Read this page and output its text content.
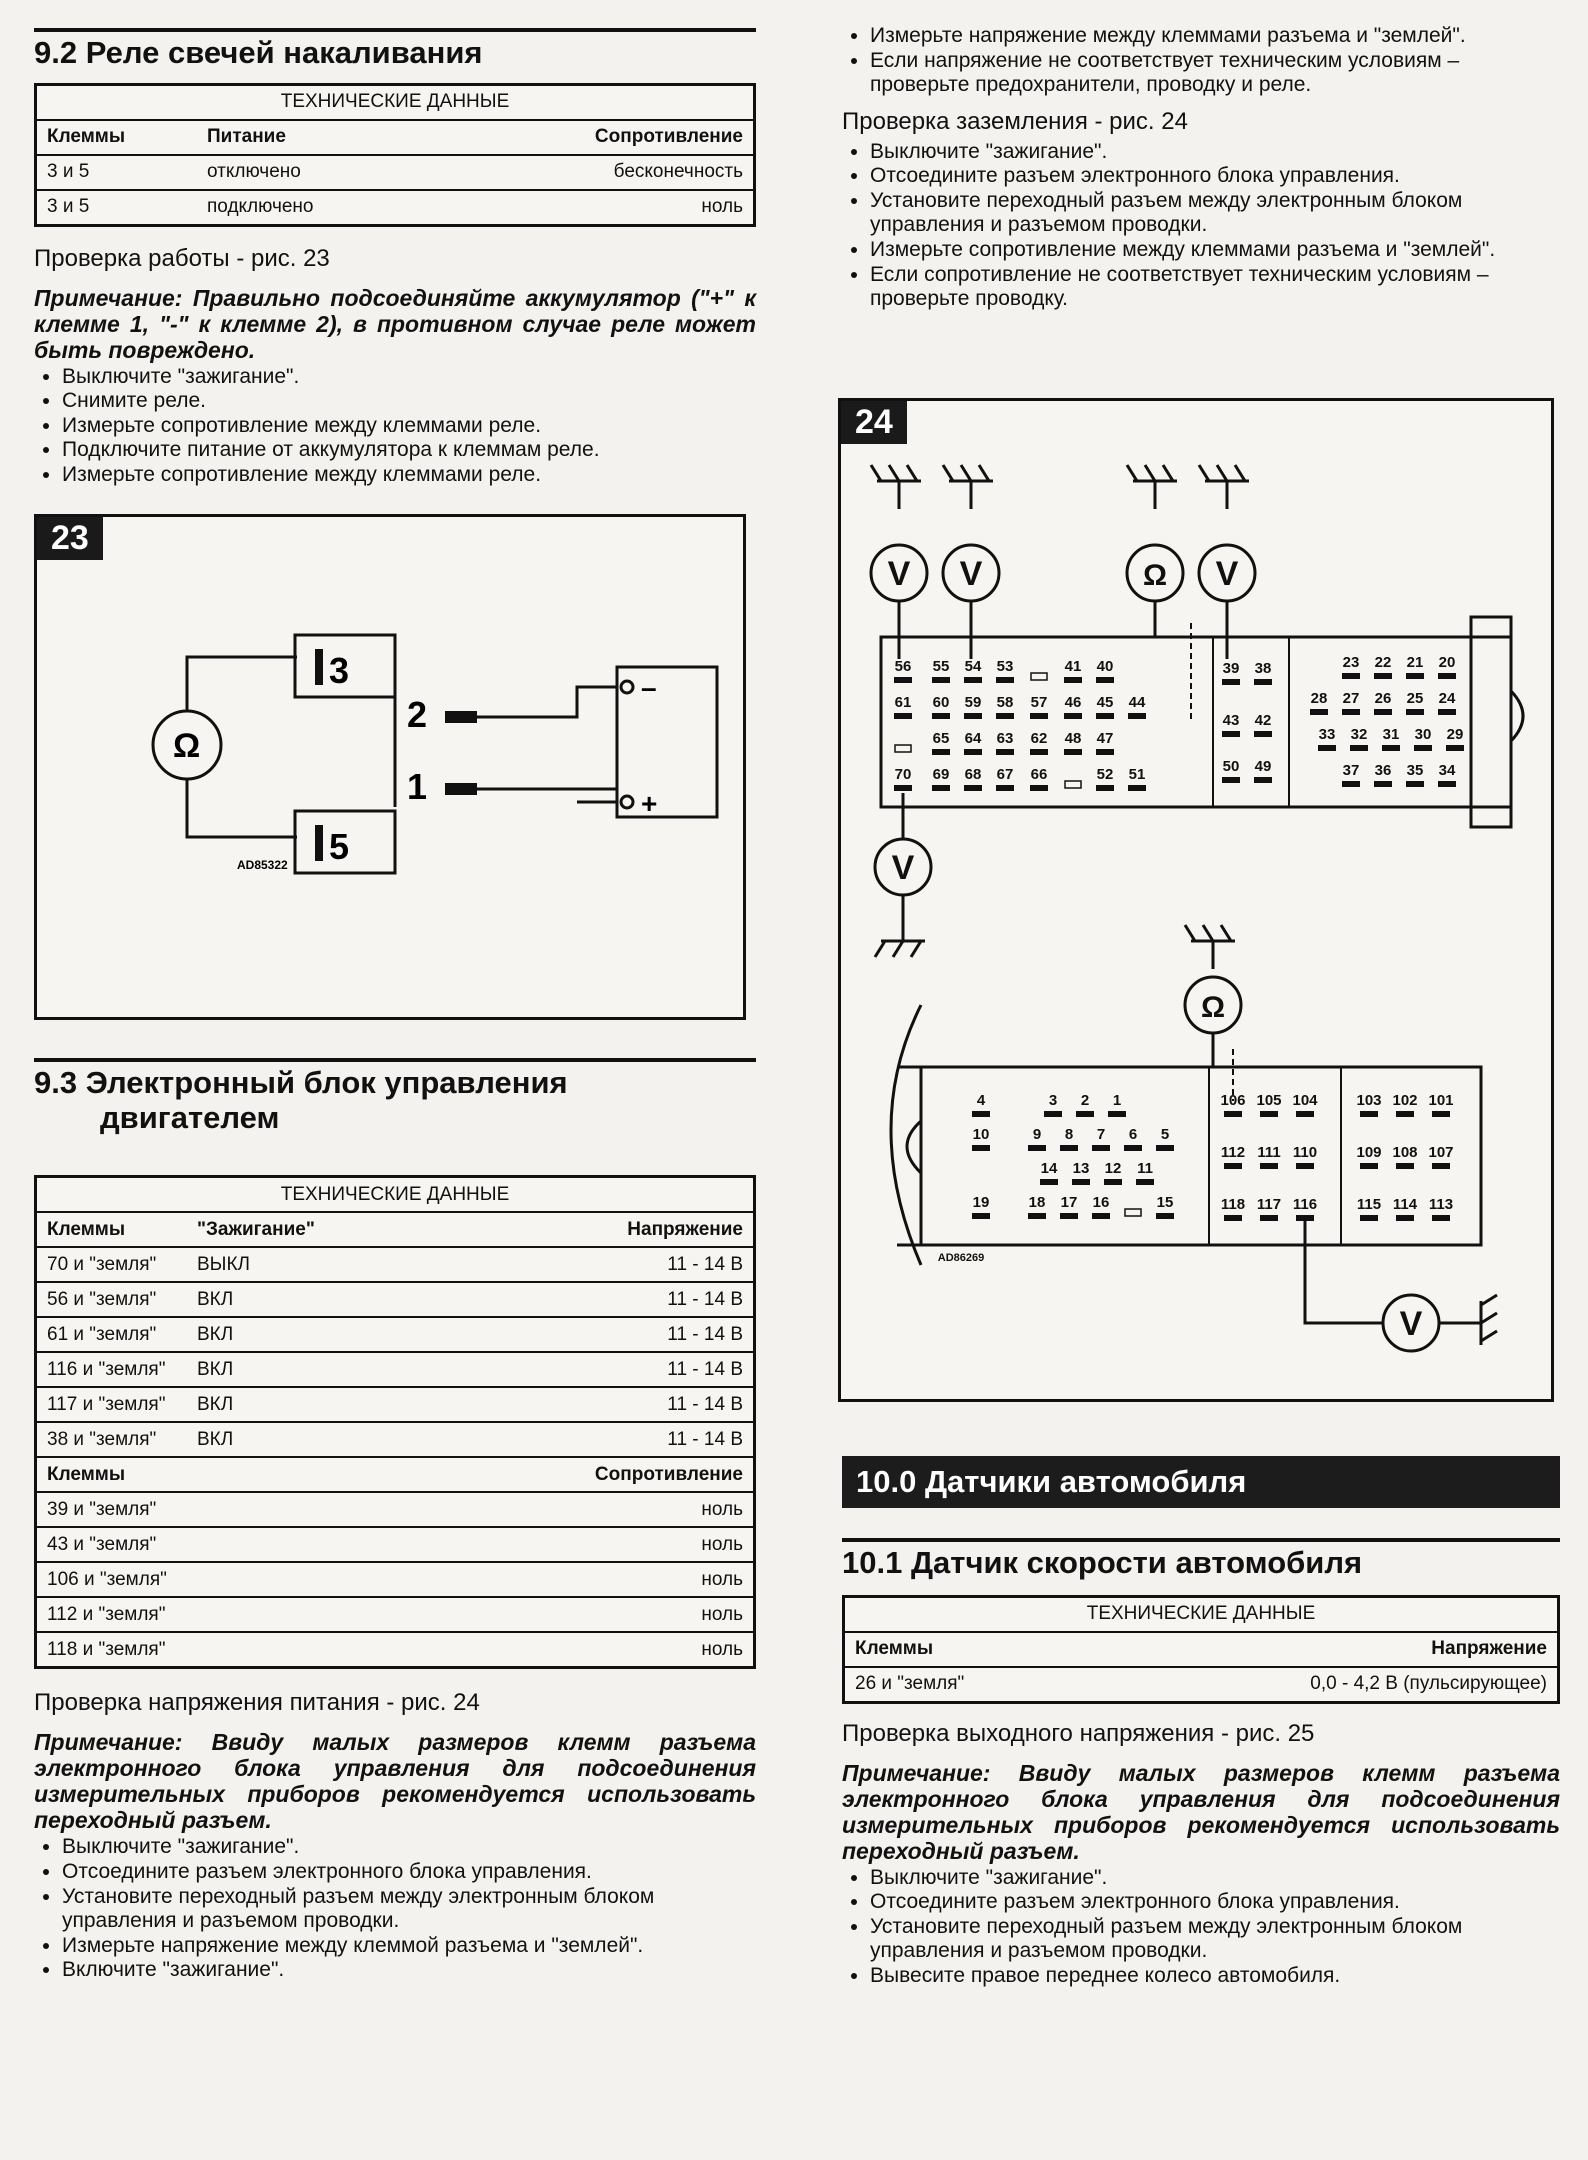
9.2 Реле свечей накаливания
ТЕХНИЧЕСКИЕ ДАННЫЕ		
Клеммы	Питание	Сопротивление
3 и 5	отключено	бесконечность
3 и 5	подключено	ноль
Проверка работы - рис. 23

Примечание: Правильно подсоединяйте аккумулятор ("+" к клемме 1, "-" к клемме 2), в противном случае реле может быть повреждено.

• Выключите "зажигание".
• Снимите реле.
• Измерьте сопротивление между клеммами реле.
• Подключите питание от аккумулятора к клеммам реле.
• Измерьте сопротивление между клеммами реле.
23
3
5
2
1
–
+
Ω
AD85322
9.3 Электронный блок управления
двигателем
ТЕХНИЧЕСКИЕ ДАННЫЕ		
Клеммы	"Зажигание"	Напряжение
70 и "земля"	ВЫКЛ	11 - 14 В
56 и "земля"	ВКЛ	11 - 14 В
61 и "земля"	ВКЛ	11 - 14 В
116 и "земля"	ВКЛ	11 - 14 В
117 и "земля"	ВКЛ	11 - 14 В
38 и "земля"	ВКЛ	11 - 14 В
Клеммы		Сопротивление
39 и "земля"		ноль
43 и "земля"		ноль
106 и "земля"		ноль
112 и "земля"		ноль
118 и "земля"		ноль
Проверка напряжения питания - рис. 24

Примечание: Ввиду малых размеров клемм разъема электронного блока управления для подсоединения измерительных приборов рекомендуется использовать переходный разъем.

• Выключите "зажигание".
• Отсоедините разъем электронного блока управления.
• Установите переходный разъем между электронным блоком управления и разъемом проводки.
• Измерьте напряжение между клеммой разъема и "землей".
• Включите "зажигание".
• Измерьте напряжение между клеммами разъема и "землей".
• Если напряжение не соответствует техническим условиям – проверьте предохранители, проводку и реле.
Проверка заземления - рис. 24
• Выключите "зажигание".
• Отсоедините разъем электронного блока управления.
• Установите переходный разъем между электронным блоком управления и разъемом проводки.
• Измерьте сопротивление между клеммами разъема и "землей".
• Если сопротивление не соответствует техническим условиям – проверьте проводку.
24
56 55 54 53	41 40
61 60 59 58 57 46 45 44
65 64 63 62 48 47
70 69 68 67 66	52 51
39 38
43 42
50 49
23 22 21 20
28 27 26 25 24
33 32 31 30 29
37 36 35 34
V V	Ω V
V
4	3 2 1
10	9 8 7 6 5
14 13 12 11
19	18 17 16	15
106 105 104
112 111 110
118 117 116
103 102 101
109 108 107
115 114 113
Ω
V
AD86269
10.0 Датчики автомобиля
10.1 Датчик скорости автомобиля
ТЕХНИЧЕСКИЕ ДАННЫЕ	
Клеммы	Напряжение
26 и "земля"	0,0 - 4,2 В (пульсирующее)
Проверка выходного напряжения - рис. 25

Примечание: Ввиду малых размеров клемм разъема электронного блока управления для подсоединения измерительных приборов рекомендуется использовать переходный разъем.

• Выключите "зажигание".
• Отсоедините разъем электронного блока управления.
• Установите переходный разъем между электронным блоком управления и разъемом проводки.
• Вывесите правое переднее колесо автомобиля.
